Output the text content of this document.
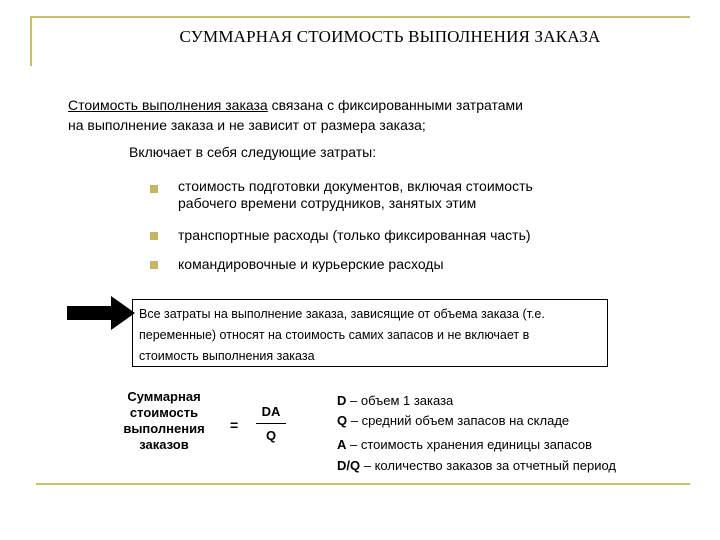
СУММАРНАЯ СТОИМОСТЬ ВЫПОЛНЕНИЯ ЗАКАЗА
Стоимость выполнения заказа связана с фиксированными затратами
на выполнение заказа и не зависит от размера заказа;
Включает в себя следующие затраты:
стоимость подготовки документов, включая стоимость
рабочего времени сотрудников, занятых этим
транспортные расходы (только фиксированная часть)
командировочные и курьерские расходы
Все затраты на выполнение заказа, зависящие от объема заказа (т.е.
переменные) относят на стоимость самих запасов и не включает в
стоимость выполнения заказа
Суммарная
стоимость
выполнения
заказов
=
DA
Q
D – объем 1 заказа
Q – средний объем запасов на складе
A – стоимость хранения единицы запасов
D/Q – количество заказов за отчетный период
